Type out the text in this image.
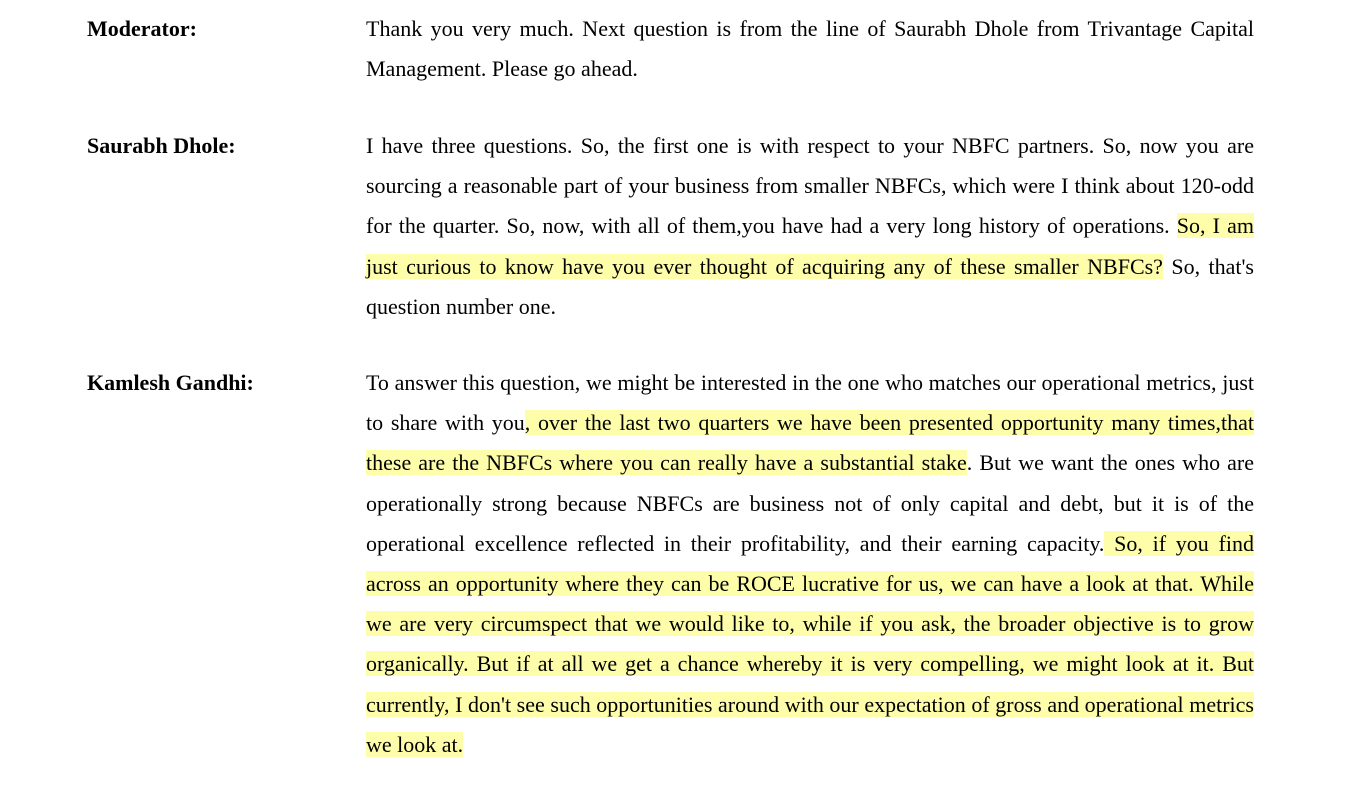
Moderator:	Thank you very much. Next question is from the line of Saurabh Dhole from Trivantage Capital Management. Please go ahead.

Saurabh Dhole:	I have three questions. So, the first one is with respect to your NBFC partners. So, now you are sourcing a reasonable part of your business from smaller NBFCs, which were I think about 120-odd for the quarter. So, now, with all of them,you have had a very long history of operations. So, I am just curious to know have you ever thought of acquiring any of these smaller NBFCs? So, that's question number one.

Kamlesh Gandhi:	To answer this question, we might be interested in the one who matches our operational metrics, just to share with you, over the last two quarters we have been presented opportunity many times,that these are the NBFCs where you can really have a substantial stake. But we want the ones who are operationally strong because NBFCs are business not of only capital and debt, but it is of the operational excellence reflected in their profitability, and their earning capacity. So, if you find across an opportunity where they can be ROCE lucrative for us, we can have a look at that. While we are very circumspect that we would like to, while if you ask, the broader objective is to grow organically. But if at all we get a chance whereby it is very compelling, we might look at it. But currently, I don't see such opportunities around with our expectation of gross and operational metrics we look at.
